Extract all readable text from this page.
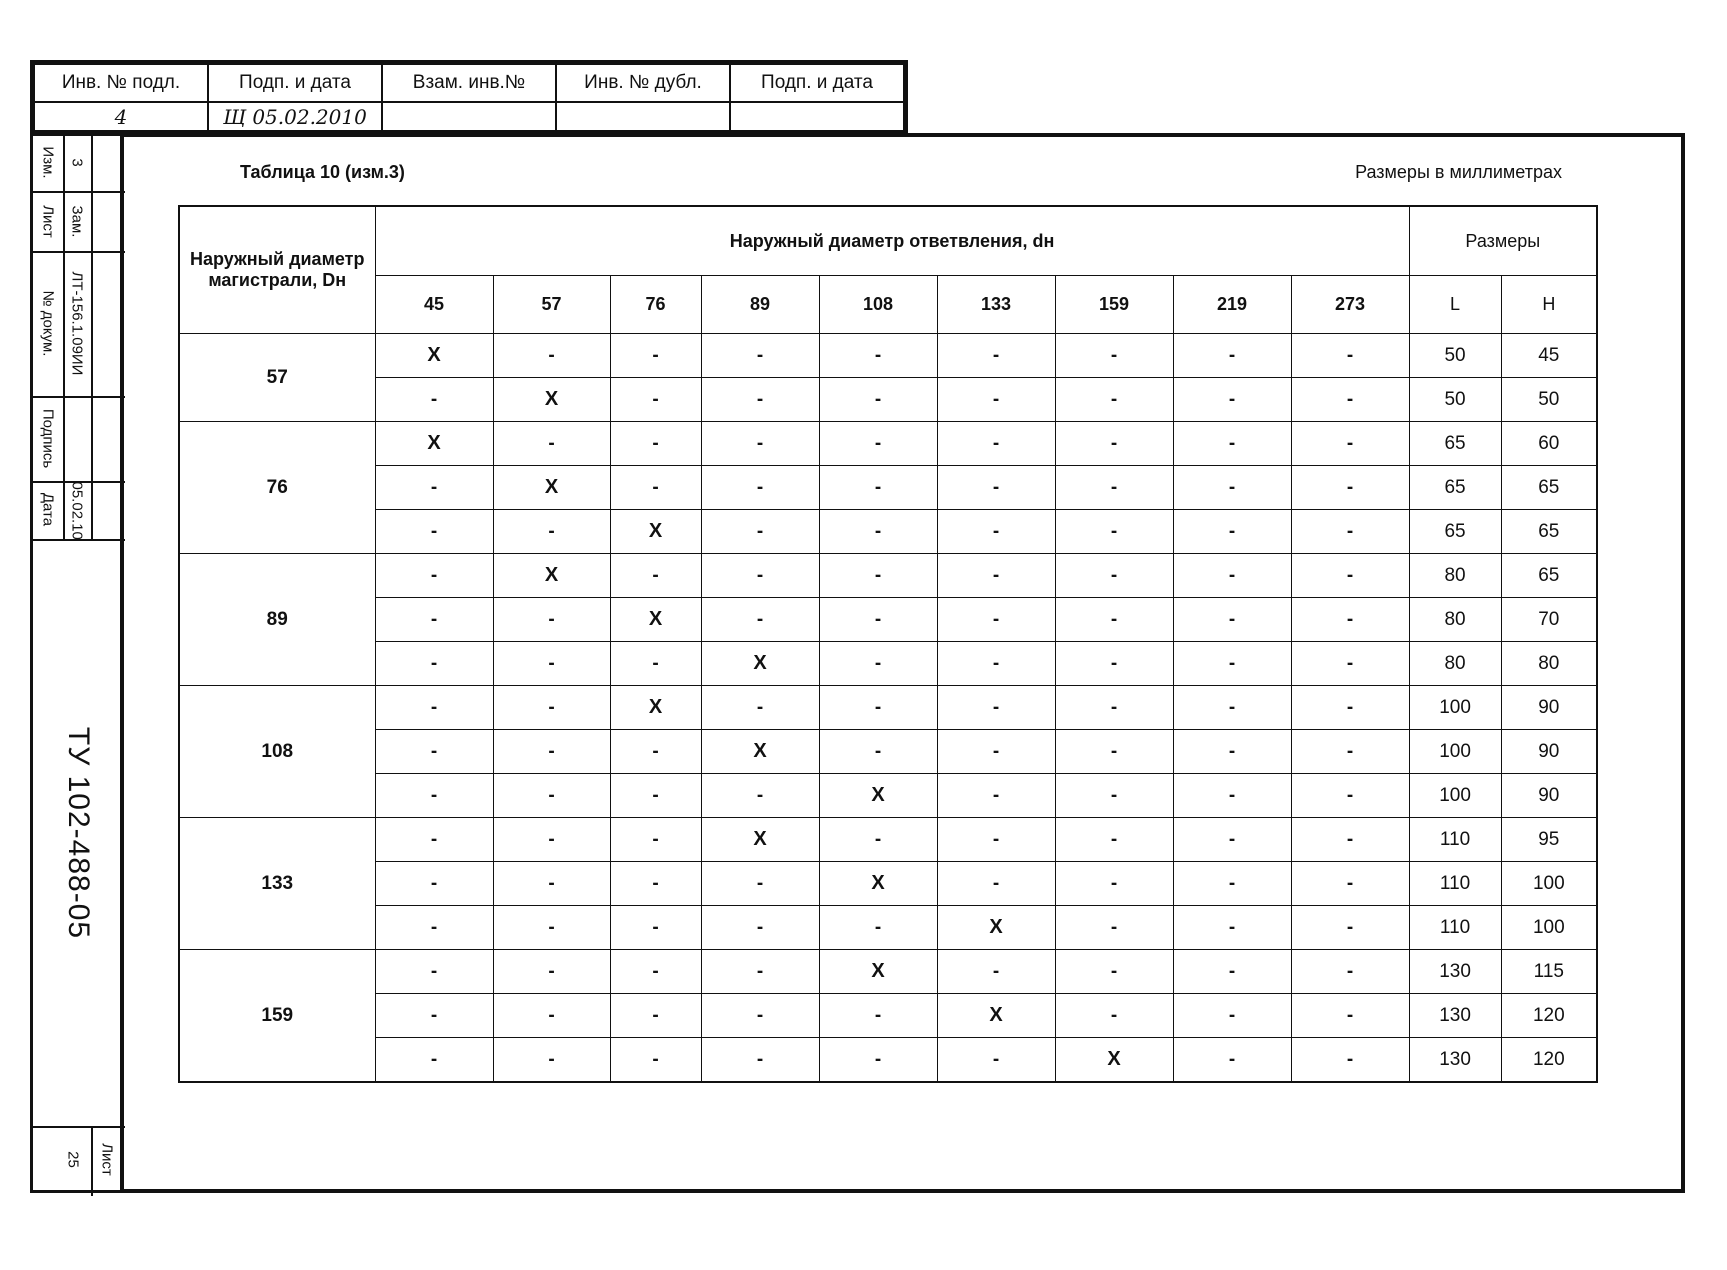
Инв. № подл.	Подп. и дата	Взам. инв.№	Инв. № дубл.	Подп. и дата
4	Щ 05.02.2010			
Изм.
Лист
№ докум.
Подпись
Дата
3
Зам.
ЛТ-156.1.09ИИ
05.02.10
ТУ 102-488-05
Лист
25
Таблица 10 (изм.3)	Размеры в миллиметрах
Наружный диаметр магистрали, Dн	Наружный диаметр ответвления, dн									Размеры	
	45	57	76	89	108	133	159	219	273	L	H
57	X	-	-	-	-	-	-	-	-	50	45
	-	X	-	-	-	-	-	-	-	50	50
76	X	-	-	-	-	-	-	-	-	65	60
	-	X	-	-	-	-	-	-	-	65	65
	-	-	X	-	-	-	-	-	-	65	65
89	-	X	-	-	-	-	-	-	-	80	65
	-	-	X	-	-	-	-	-	-	80	70
	-	-	-	X	-	-	-	-	-	80	80
108	-	-	X	-	-	-	-	-	-	100	90
	-	-	-	X	-	-	-	-	-	100	90
	-	-	-	-	X	-	-	-	-	100	90
133	-	-	-	X	-	-	-	-	-	110	95
	-	-	-	-	X	-	-	-	-	110	100
	-	-	-	-	-	X	-	-	-	110	100
159	-	-	-	-	X	-	-	-	-	130	115
	-	-	-	-	-	X	-	-	-	130	120
	-	-	-	-	-	-	X	-	-	130	120
